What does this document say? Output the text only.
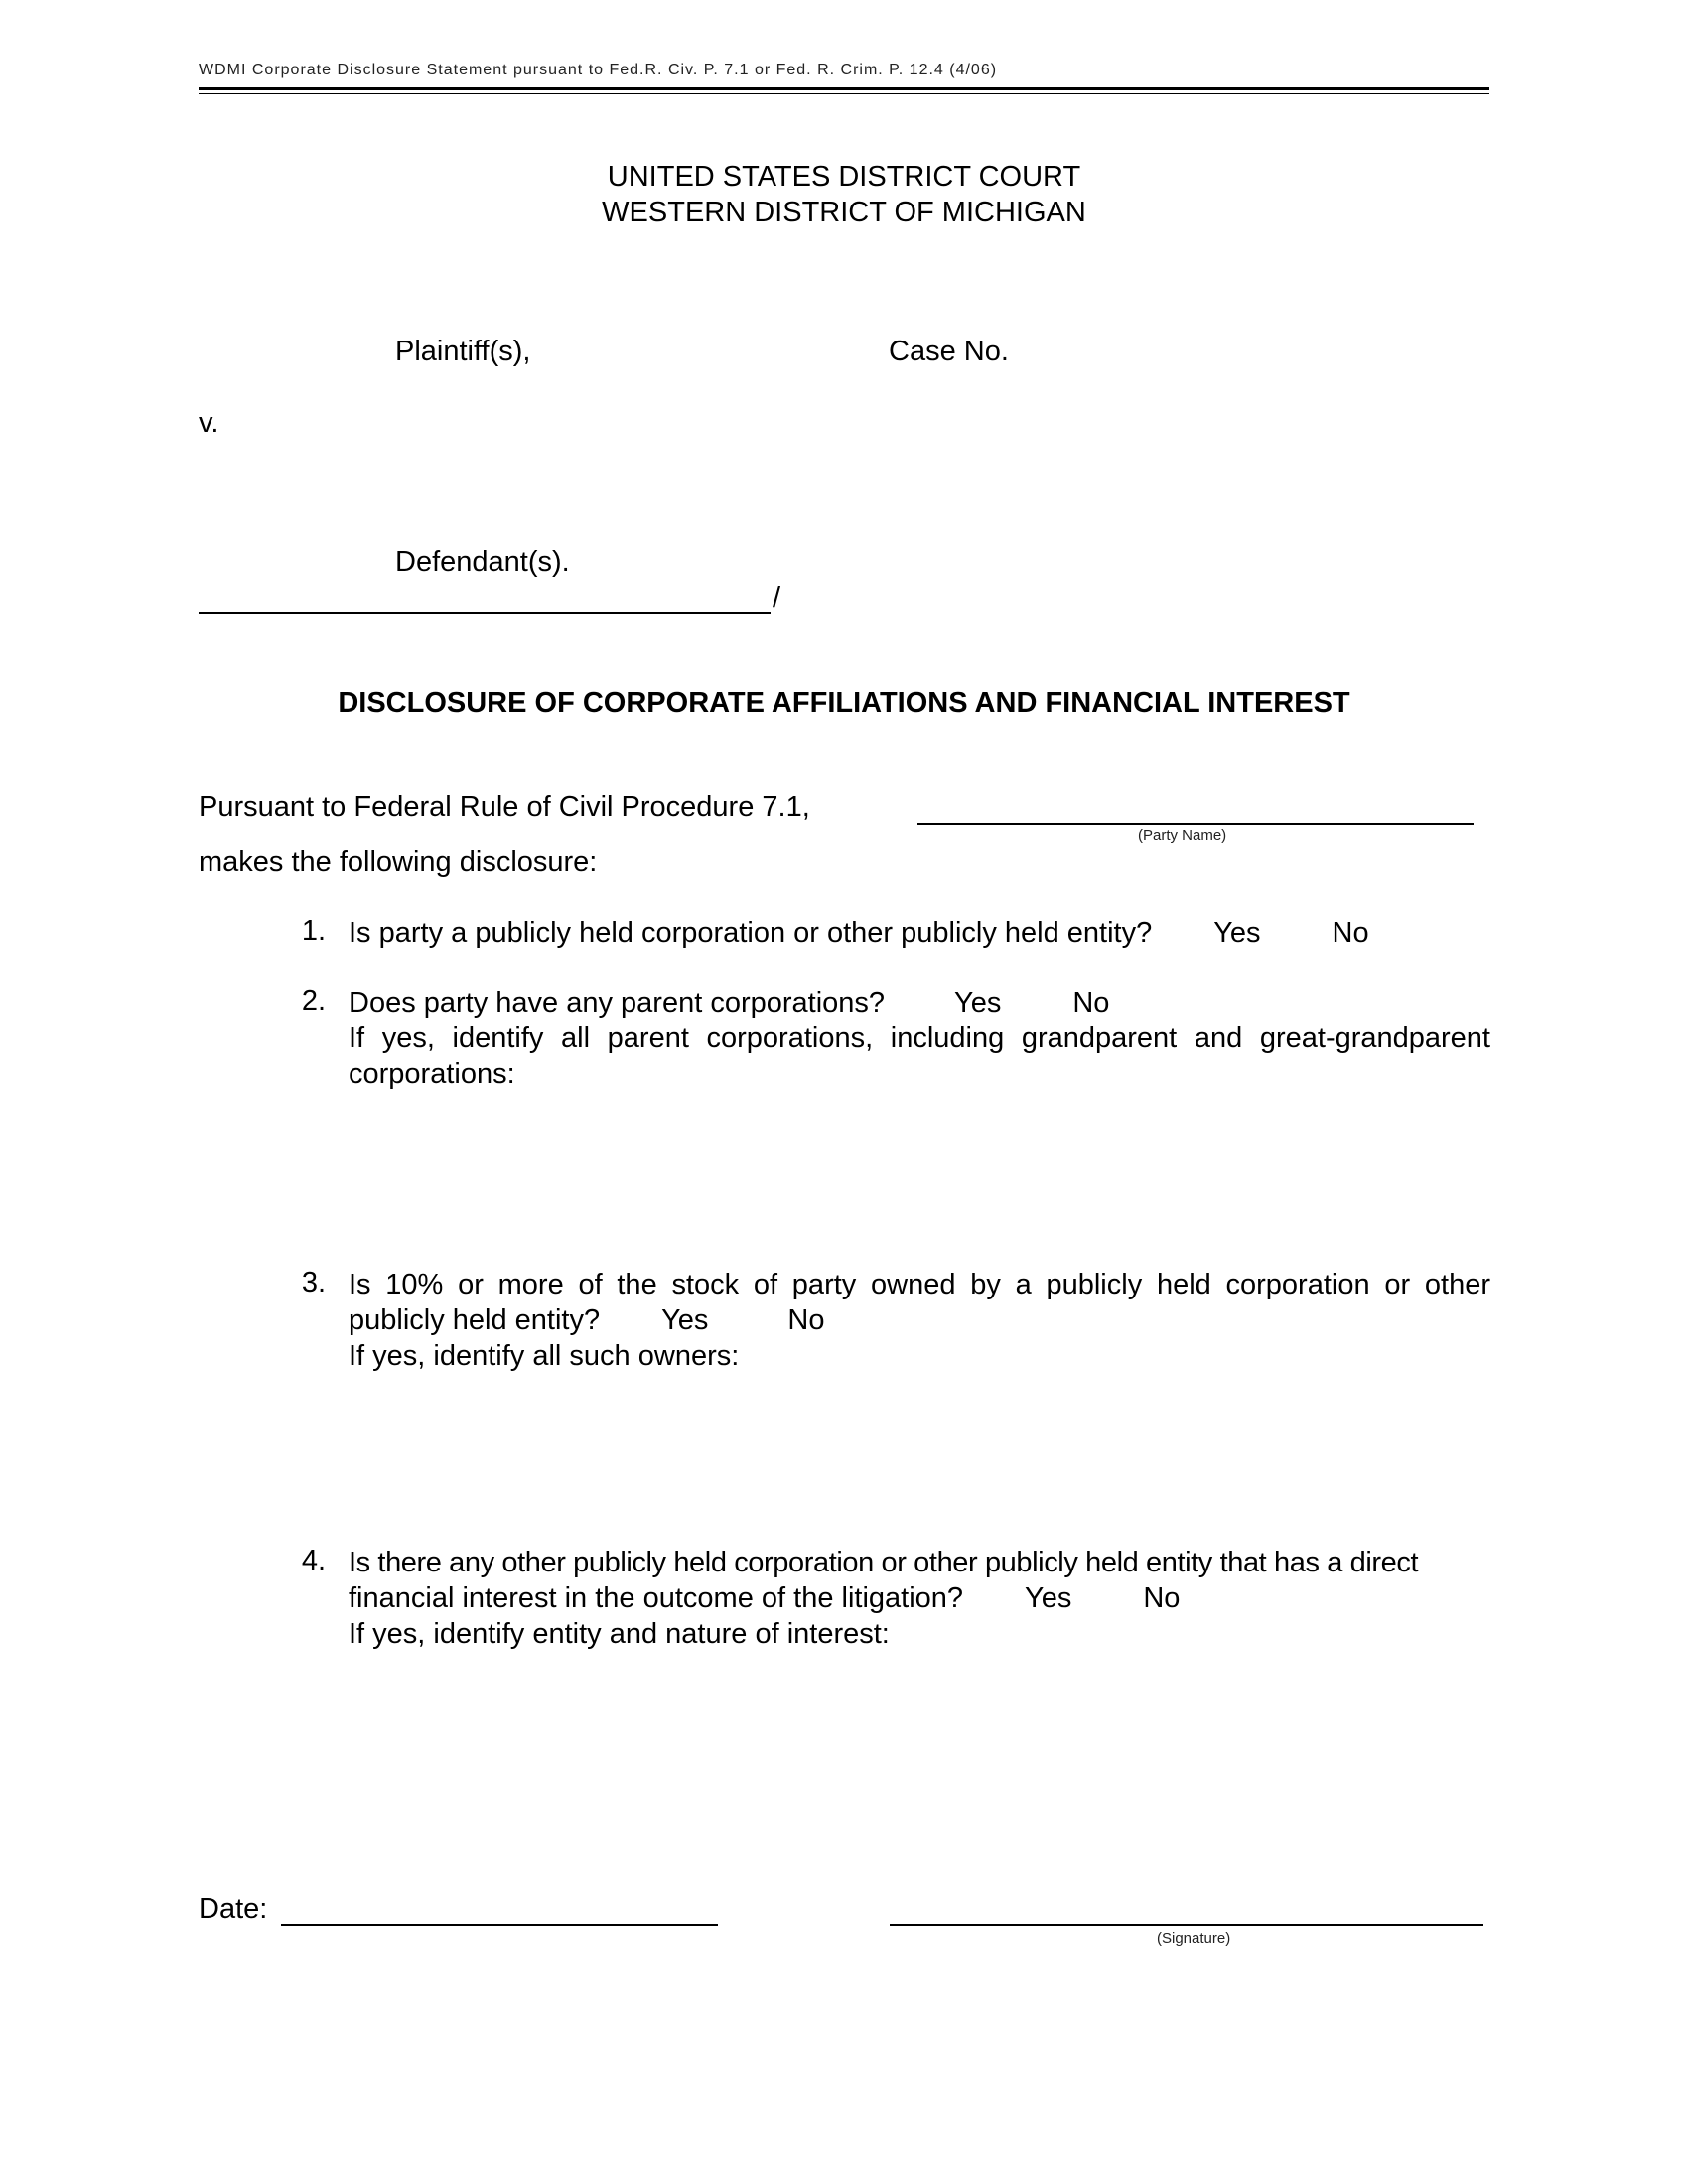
WDMI Corporate Disclosure Statement pursuant to Fed.R. Civ. P. 7.1 or Fed. R. Crim. P. 12.4 (4/06)
UNITED STATES DISTRICT COURT
WESTERN DISTRICT OF MICHIGAN
Plaintiff(s),	Case No.
v.
Defendant(s).
/
DISCLOSURE OF CORPORATE AFFILIATIONS AND FINANCIAL INTEREST
Pursuant to Federal Rule of Civil Procedure 7.1,
(Party Name)
makes the following disclosure:
1. Is party a publicly held corporation or other publicly held entity? Yes No
2. Does party have any parent corporations? Yes No
If yes, identify all parent corporations, including grandparent and great-grandparent corporations:
3. Is 10% or more of the stock of party owned by a publicly held corporation or other
publicly held entity? Yes	No
If yes, identify all such owners:
4. Is there any other publicly held corporation or other publicly held entity that has a direct
financial interest in the outcome of the litigation? Yes No
If yes, identify entity and nature of interest:
Date:
(Signature)
